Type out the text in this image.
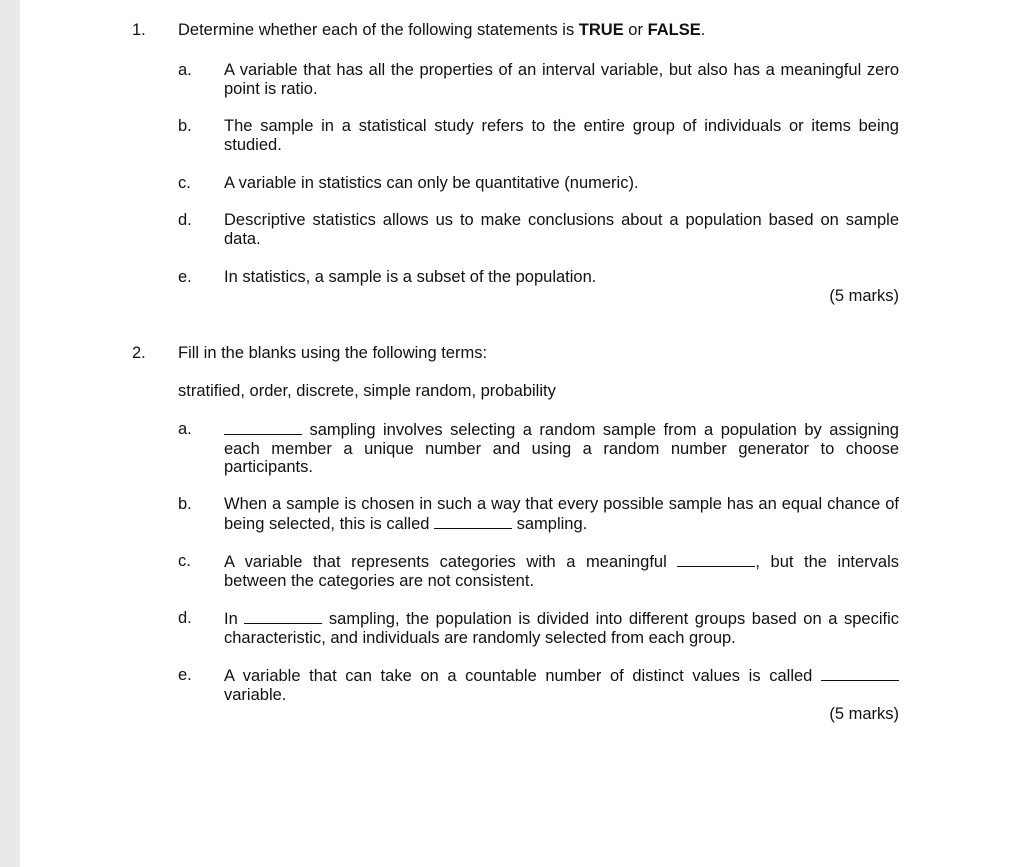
1. Determine whether each of the following statements is TRUE or FALSE.
a. A variable that has all the properties of an interval variable, but also has a meaningful zero point is ratio.
b. The sample in a statistical study refers to the entire group of individuals or items being studied.
c. A variable in statistics can only be quantitative (numeric).
d. Descriptive statistics allows us to make conclusions about a population based on sample data.
e. In statistics, a sample is a subset of the population.
(5 marks)
2. Fill in the blanks using the following terms:
stratified, order, discrete, simple random, probability
a.	sampling involves selecting a random sample from a population by assigning each member a unique number and using a random number generator to choose participants.
b. When a sample is chosen in such a way that every possible sample has an equal chance of being selected, this is called	sampling.
c. A variable that represents categories with a meaningful	, but the intervals between the categories are not consistent.
d. In	sampling, the population is divided into different groups based on a specific characteristic, and individuals are randomly selected from each group.
e. A variable that can take on a countable number of distinct values is called  variable.
(5 marks)
